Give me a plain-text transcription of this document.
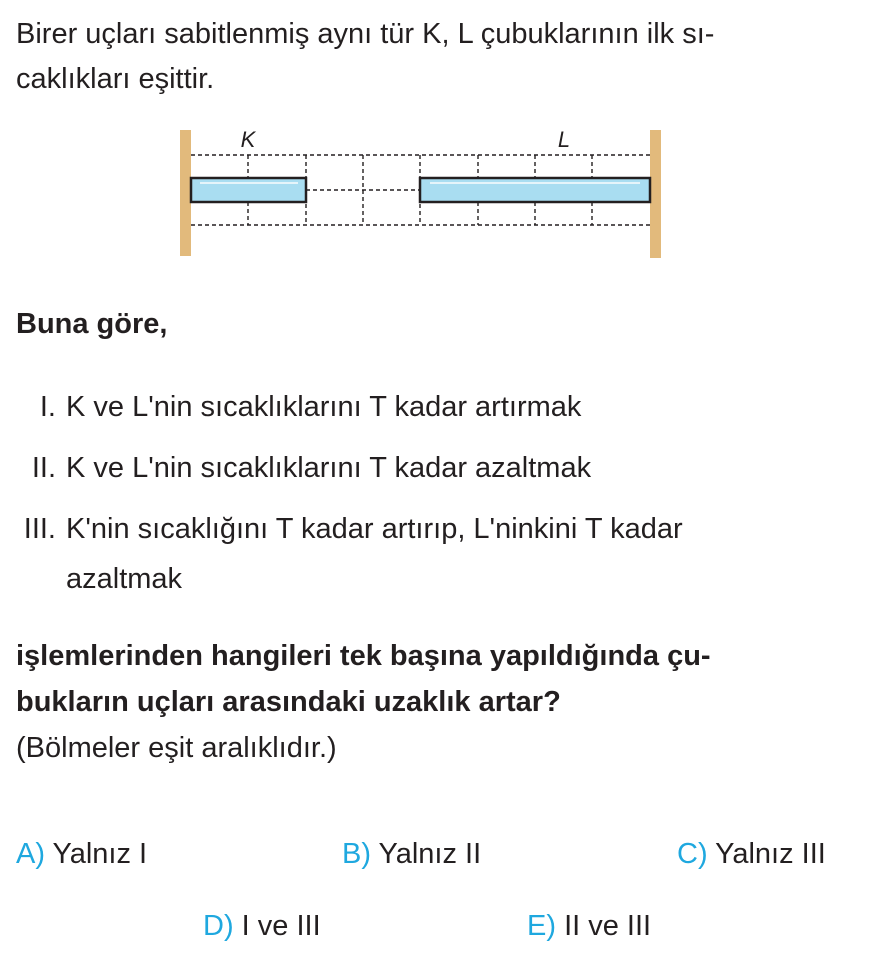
Birer uçları sabitlenmiş aynı tür K, L çubuklarının ilk sı-
caklıkları eşittir.
K	L
Buna göre,
I. K ve L'nin sıcaklıklarını T kadar artırmak
II. K ve L'nin sıcaklıklarını T kadar azaltmak
III. K'nin sıcaklığını T kadar artırıp, L'ninkini T kadar
azaltmak
işlemlerinden hangileri tek başına yapıldığında çu-
bukların uçları arasındaki uzaklık artar?
(Bölmeler eşit aralıklıdır.)
A) Yalnız I	B) Yalnız II	C) Yalnız III
D) I ve III	E) II ve III
